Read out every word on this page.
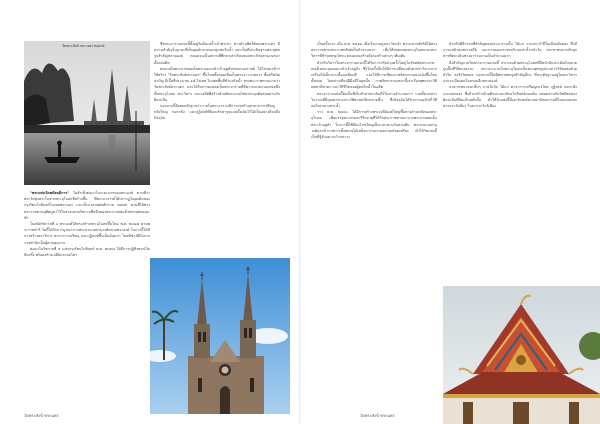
วัดพระสังข์ พระนคร ๒๔๙๕

"พระแท่นวัดพนัสบดีการ" ในสำเพ็งต่อมาในระยะแรกของพระองค์ ตามที่ว่าพระวัดทุ่งพระในช่วงพระอุโบสถที่สร้างขึ้น ที่พระอาจารย์ได้ปรากฏในยุคต้นของกรุงรัตนโกสินทร์ในเขตพระนคร และเป็นเวลาพุทธศักราช ๒๓๒๙ ตามที่ได้ทรงพระราชทานอุทิศบูชาไว้ในช่วงปลายรัชกาลที่หนึ่งของพระบาทสมเด็จพระพุทธยอดฟ้า

ในสมัยรัชกาลที่ ๓ พระองค์ได้ทรงสร้างพระอุโบสถขึ้นใหม่ พ.ศ. ๒๓๗๘ ตามพระราชดำริ วัดนี้ได้รับการบูรณะจากพระบรมวงศานุวงศ์หลายพระองค์ ในการนี้ได้มีการสร้างพระวิหาร ศาลาการเปรียญ และกุฏิสงฆ์ขึ้นเป็นอันมาก โดยมีช่างฝีมือจากราชสำนักเป็นผู้ควบคุมงาน

ต่อมาในรัชกาลที่ ๔ แห่งกรุงรัตนโกสินทร์ พ.ศ. ๒๓๙๗ ได้มีการปฏิสังขรณ์วัดอีกครั้ง พร้อมสร้างเจดีย์และหอไตร

วัดพระสังข์ พระนคร

ซึ่งพระอารามแห่งนี้ตั้งอยู่ริมฝั่งแม่น้ำเจ้าพระยา ทางด้านทิศใต้ของพระนคร มีความสำคัญในฐานะที่เป็นศูนย์กลางของชุมชนริมน้ำ และเป็นที่ประดิษฐานพระพุทธรูปสำคัญหลายองค์ ตลอดจนเป็นสถานที่ศึกษาเล่าเรียนของพระภิกษุสามเณรมาตั้งแต่อดีต

ต่อมาเมื่อพระบาทสมเด็จพระจอมเกล้าเจ้าอยู่หัวทรงครองราชย์ ได้โปรดเกล้าฯ ให้สร้าง "วัดพระสังข์พระนคร" ขึ้นใหม่ทั้งหมดเพื่อเป็นพระอารามหลวง ชั้นตรีชนิดสามัญ มีเนื้อที่ประมาณ ๑๕ ไร่เศษ ในเขตพื้นที่ตำบลริมน้ำ ทรงพระราชทานนามว่า วัดพระสังข์พระนคร และได้รับการยกย่องเป็นพระอารามที่มีความสวยงามแห่งหนึ่ง ทั้งพระอุโบสถ พระวิหาร และเจดีย์ที่สร้างด้วยศิลปะแบบไทยประยุกต์ผสมผสานกับศิลปะจีน

นอกจากนี้ยังพบหลักฐานว่าภายในพระอารามมีการก่อสร้างศาลาการเปรียญหลังใหญ่ หอระฆัง และกุฏิสงฆ์ที่ยังคงรักษารูปแบบดั้งเดิมไว้ได้เป็นอย่างดีจนถึงปัจจุบัน

เป็นครั้งแรก เมื่อ พ.ศ. ๒๔๑๑ เมื่อเริ่มงานบูรณะวัดแล้ว พระมหากษัตริย์ได้ทรงพระราชทานพระราชทรัพย์เป็นจำนวนมาก เพื่อให้ซ่อมแซมพระอุโบสถและพระวิหารที่ชำรุดทรุดโทรม ตลอดจนสร้างสิ่งก่อสร้างต่างๆ เพิ่มเติม

สำหรับวิหารในพระอารามแห่งนี้ได้รับการปรับปรุงครั้งใหญ่ในรัชสมัยพระบาทสมเด็จพระจุลจอมเกล้าเจ้าอยู่หัว ซึ่งในครั้งนั้นได้มีการเปลี่ยนหลังคาพระวิหารจากเครื่องไม้เป็นกระเบื้องเคลือบสี และได้มีการเขียนภาพจิตรกรรมฝาผนังขึ้นใหม่ทั้งหมด โดยช่างเขียนฝีมือดีในยุคนั้น ภาพจิตรกรรมเหล่านี้เล่าเรื่องพุทธประวัติ ทศชาติชาดก และวิถีชีวิตของผู้คนริมน้ำในอดีต

พระอารามแห่งนี้ยังเป็นที่เก็บรักษาพระคัมภีร์ใบลานจำนวนมาก รวมทั้งเอกสารโบราณที่มีคุณค่าทางประวัติศาสตร์อีกหลายชิ้น ซึ่งปัจจุบันได้รับการอนุรักษ์ไว้ที่หอไตรกลางสระน้ำ

ราว พ.ศ. ๒๔๔๐ ได้มีการสร้างพระเจดีย์องค์ใหญ่ขึ้นทางด้านหลังของพระอุโบสถ เพื่อบรรจุพระบรมสารีริกธาตุที่ได้รับพระราชทานมาจากพระบาทสมเด็จพระเจ้าอยู่หัว ในการนี้มีพิธีสมโภชใหญ่เป็นเวลาสามวันสามคืน พระบรมวงศานุวงศ์และข้าราชการทั้งหลายได้เสด็จมาร่วมงานอย่างพร้อมเพรียง ทำให้วัดแห่งนี้เป็นที่รู้จักอย่างกว้างขวาง

วัดพระสังข์ พระนคร

สำหรับพิธีกรรมที่สำคัญของพระอารามนั้น ได้แก่ งานประจำปีในเดือนสิบสอง ซึ่งมีการแห่ผ้าห่มพระเจดีย์ และการลอยกระทงบริเวณท่าน้ำหน้าวัด ประชาชนจากทั่วทุกสารทิศจะเดินทางมาร่วมงานเป็นจำนวนมาก

สิ่งสำคัญภายในพระอารามแห่งนี้ ประกอบด้วยพระอุโบสถที่มีหน้าบันประดับด้วยลายปูนปั้นที่วิจิตรงดงาม พระประธานในพระอุโบสถเป็นพระพุทธรูปปางมารวิชัยหล่อด้วยสำริด ลงรักปิดทอง นอกจากนี้ยังมีพระพุทธรูปสำคัญอื่นๆ ที่ประดิษฐานอยู่ในพระวิหาร และระเบียงคดโดยรอบอีกหลายองค์

อาคารเสนาสนะอื่นๆ ภายในวัด ได้แก่ ศาลาการเปรียญทรงไทย กุฏิสงฆ์ หอระฆัง และหอกลอง ซึ่งล้วนสร้างด้วยศิลปะแบบรัตนโกสินทร์ตอนต้น ผสมผสานกับอิทธิพลของศิลปะจีนที่นิยมในสมัยนั้น ทำให้วัดแห่งนี้มีเอกลักษณ์ทางสถาปัตยกรรมที่โดดเด่นแตกต่างจากวัดอื่นๆ ในละแวกใกล้เคียง
